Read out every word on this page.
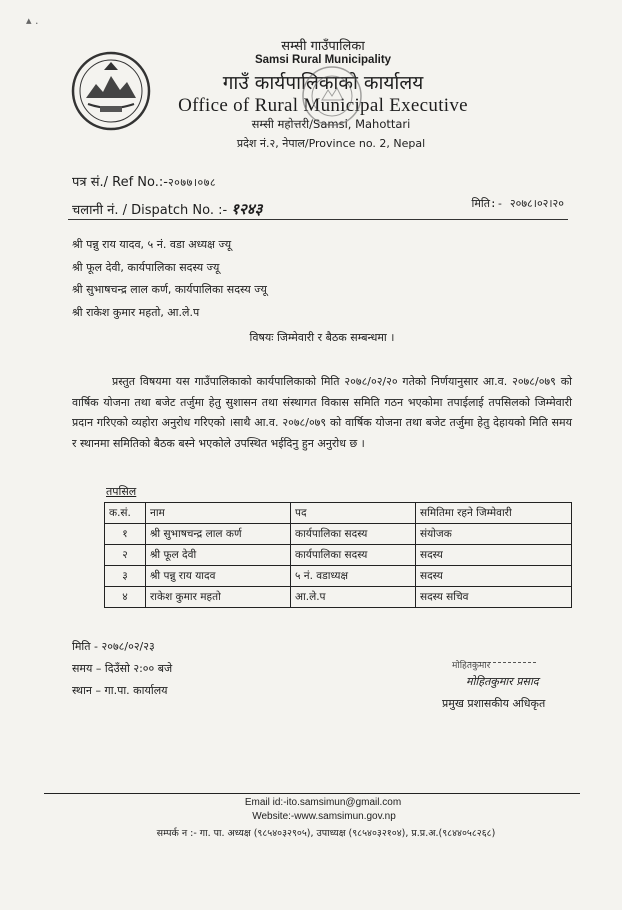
▴ .
सम्सी गाउँपालिका
Samsi Rural Municipality
गाउँ कार्यपालिकाको कार्यालय
Office of Rural Municipal Executive
सम्सी महोत्तरी/Samsi, Mahottari
प्रदेश नं.२, नेपाल/Province no. 2, Nepal
पत्र सं./ Ref No.:-२०७७।०७८
चलानी नं. / Dispatch No. :- १२४३	मिति:- २०७८।०२।२०
श्री पन्नु राय यादव, ५ नं. वडा अध्यक्ष ज्यू
श्री फूल देवी, कार्यपालिका सदस्य ज्यू
श्री सुभाषचन्द्र लाल कर्ण, कार्यपालिका सदस्य ज्यू
श्री राकेश कुमार महतो, आ.ले.प
विषयः जिम्मेवारी र बैठक सम्बन्धमा ।
प्रस्तुत विषयमा यस गाउँपालिकाको कार्यपालिकाको मिति २०७८/०२/२० गतेको निर्णयानुसार आ.व. २०७८/०७९ को वार्षिक योजना तथा बजेट तर्जुमा हेतु सुशासन तथा संस्थागत विकास समिति गठन भएकोमा तपाईलाई तपसिलको जिम्मेवारी प्रदान गरिएको व्यहोरा अनुरोध गरिएको ।साथै आ.व. २०७८/०७९ को वार्षिक योजना तथा बजेट तर्जुमा हेतु देहायको मिति समय र स्थानमा समितिको बैठक बस्ने भएकोले उपस्थित भईदिनु हुन अनुरोध छ ।
तपसिल
क.सं.	नाम	पद	समितिमा रहने जिम्मेवारी
१	श्री सुभाषचन्द्र लाल कर्ण	कार्यपालिका सदस्य	संयोजक
२	श्री फूल देवी	कार्यपालिका सदस्य	सदस्य
३	श्री पन्नु राय यादव	५ नं. वडाध्यक्ष	सदस्य
४	राकेश कुमार महतो	आ.ले.प	सदस्य सचिव
मिति - २०७८/०२/२३
समय – दिउँसो २:०० बजे
स्थान – गा.पा. कार्यालय
मोहितकुमार
मोहितकुमार प्रसाद
प्रमुख प्रशासकीय अधिकृत
Email id:-ito.samsimun@gmail.com
Website:-www.samsimun.gov.np
सम्पर्क न :- गा. पा. अध्यक्ष (९८५४०३२९०५), उपाध्यक्ष (९८५४०३२१०४), प्र.प्र.अ.(९८४४०५८२६८)
